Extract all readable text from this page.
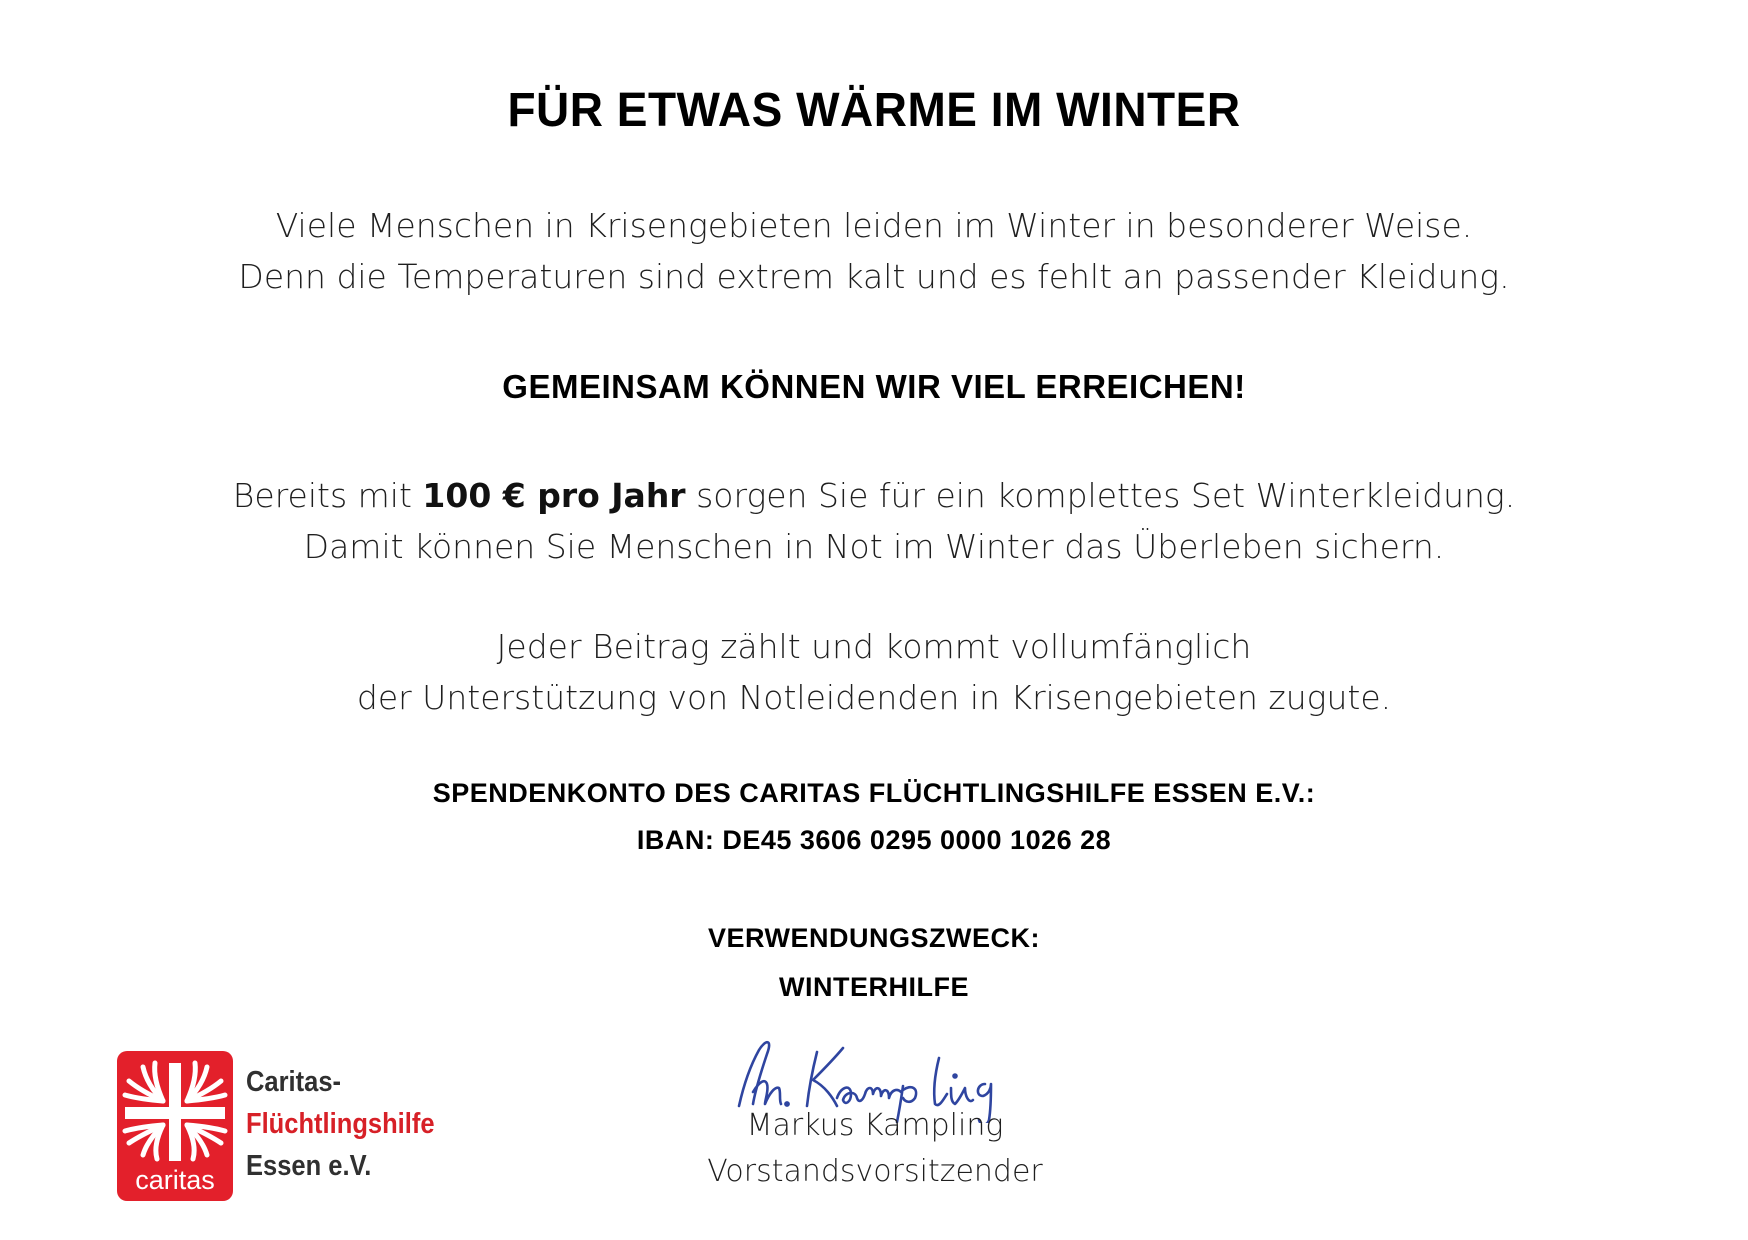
FÜR ETWAS WÄRME IM WINTER
Viele Menschen in Krisengebieten leiden im Winter in besonderer Weise.
Denn die Temperaturen sind extrem kalt und es fehlt an passender Kleidung.
GEMEINSAM KÖNNEN WIR VIEL ERREICHEN!
Bereits mit 100 € pro Jahr sorgen Sie für ein komplettes Set Winterkleidung.
Damit können Sie Menschen in Not im Winter das Überleben sichern.
Jeder Beitrag zählt und kommt vollumfänglich
der Unterstützung von Notleidenden in Krisengebieten zugute.
SPENDENKONTO DES CARITAS FLÜCHTLINGSHILFE ESSEN E.V.:
IBAN: DE45 3606 0295 0000 1026 28
VERWENDUNGSZWECK:
WINTERHILFE
caritas
Caritas-
Flüchtlingshilfe
Essen e.V.
Markus Kampling
Vorstandsvorsitzender
